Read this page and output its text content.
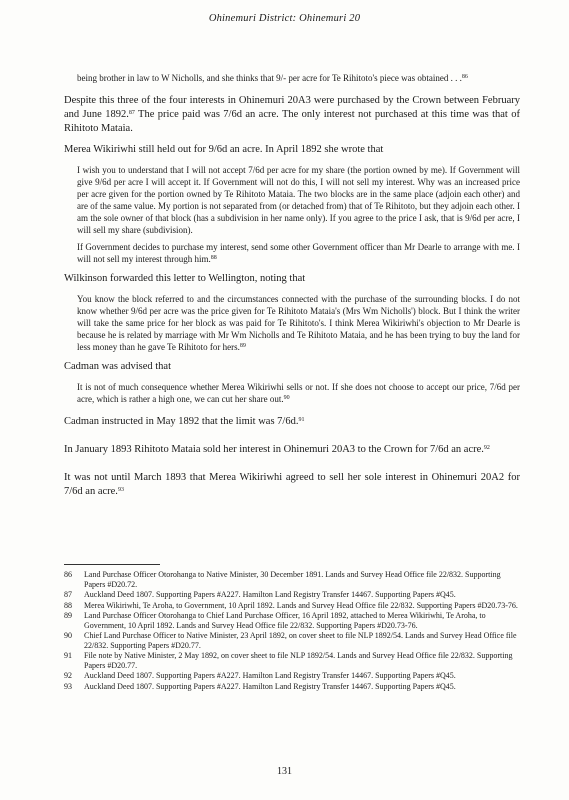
Ohinemuri District: Ohinemuri 20

being brother in law to W Nicholls, and she thinks that 9/- per acre for Te Rihitoto's piece was obtained . . .$^{86}$

Despite this three of the four interests in Ohinemuri 20A3 were purchased by the Crown between February and June 1892.87 The price paid was 7/6d an acre. The only interest not purchased at this time was that of Rihitoto Mataia.

Merea Wikiriwhi still held out for 9/6d an acre. In April 1892 she wrote that

I wish you to understand that I will not accept 7/6d per acre for my share (the portion owned by me). If Government will give 9/6d per acre I will accept it. If Government will not do this, I will not sell my interest. Why was an increased price per acre given for the portion owned by Te Rihitoto Mataia. The two blocks are in the same place (adjoin each other) and are of the same value. My portion is not separated from (or detached from) that of Te Rihitoto, but they adjoin each other. I am the sole owner of that block (has a subdivision in her name only). If you agree to the price I ask, that is 9/6d per acre, I will sell my share (subdivision).

If Government decides to purchase my interest, send some other Government officer than Mr Dearle to arrange with me. I will not sell my interest through him.$^{88}$

Wilkinson forwarded this letter to Wellington, noting that

You know the block referred to and the circumstances connected with the purchase of the surrounding blocks. I do not know whether 9/6d per acre was the price given for Te Rihitoto Mataia's (Mrs Wm Nicholls') block. But I think the writer will take the same price for her block as was paid for Te Rihitoto's. I think Merea Wikiriwhi's objection to Mr Dearle is because he is related by marriage with Mr Wm Nicholls and Te Rihitoto Mataia, and he has been trying to buy the land for less money than he gave Te Rihitoto for hers.$^{89}$

Cadman was advised that

It is not of much consequence whether Merea Wikiriwhi sells or not. If she does not choose to accept our price, 7/6d per acre, which is rather a high one, we can cut her share out.$^{90}$

Cadman instructed in May 1892 that the limit was 7/6d.$^{91}$

In January 1893 Rihitoto Mataia sold her interest in Ohinemuri 20A3 to the Crown for 7/6d an acre.$^{92}$

It was not until March 1893 that Merea Wikiriwhi agreed to sell her sole interest in Ohinemuri 20A2 for 7/6d an acre.$^{93}$

86	Land Purchase Officer Otorohanga to Native Minister, 30 December 1891. Lands and Survey Head Office file 22/832. Supporting Papers #D20.72.
87	Auckland Deed 1807. Supporting Papers #A227. Hamilton Land Registry Transfer 14467. Supporting Papers #Q45.
88	Merea Wikiriwhi, Te Aroha, to Government, 10 April 1892. Lands and Survey Head Office file 22/832. Supporting Papers #D20.73-76.
89	Land Purchase Officer Otorohanga to Chief Land Purchase Officer, 16 April 1892, attached to Merea Wikiriwhi, Te Aroha, to Government, 10 April 1892. Lands and Survey Head Office file 22/832. Supporting Papers #D20.73-76.
90	Chief Land Purchase Officer to Native Minister, 23 April 1892, on cover sheet to file NLP 1892/54. Lands and Survey Head Office file 22/832. Supporting Papers #D20.77.
91	File note by Native Minister, 2 May 1892, on cover sheet to file NLP 1892/54. Lands and Survey Head Office file 22/832. Supporting Papers #D20.77.
92	Auckland Deed 1807. Supporting Papers #A227. Hamilton Land Registry Transfer 14467. Supporting Papers #Q45.
93	Auckland Deed 1807. Supporting Papers #A227. Hamilton Land Registry Transfer 14467. Supporting Papers #Q45.
131
